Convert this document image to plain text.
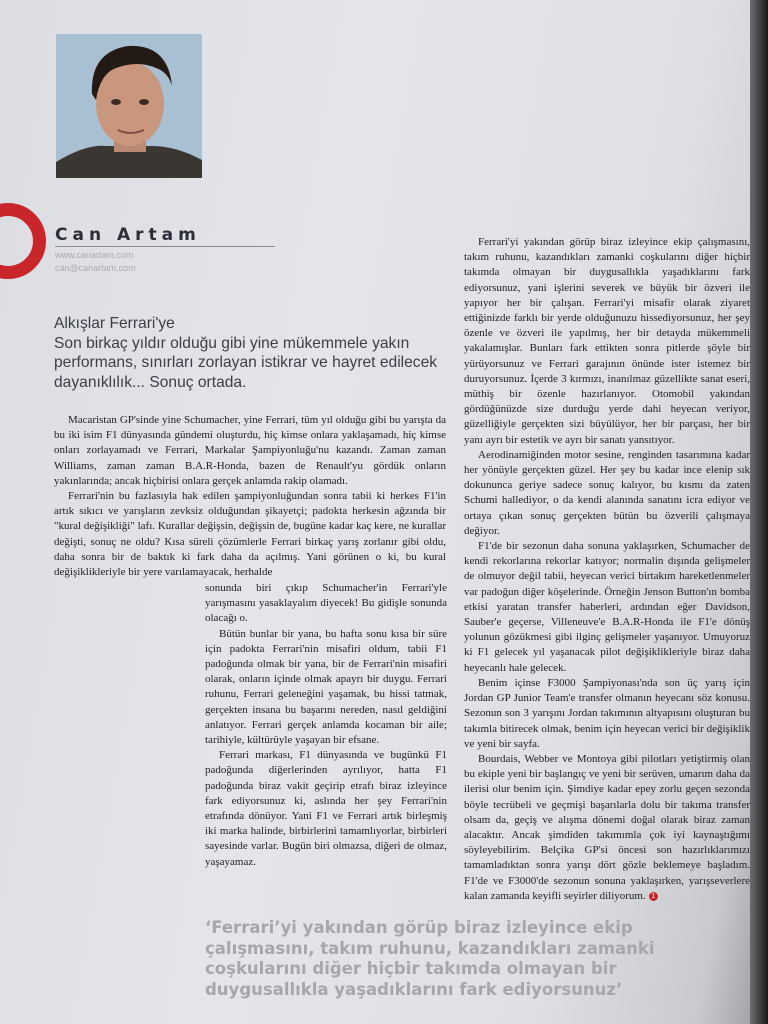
Can Artam
www.canartam.com
can@canartam.com
Alkışlar Ferrari'ye
Son birkaç yıldır olduğu gibi yine mükemmele yakın performans, sınırları zorlayan istikrar ve hayret edilecek dayanıklılık... Sonuç ortada.

Macaristan GP'sinde yine Schumacher, yine Ferrari, tüm yıl olduğu gibi bu yarışta da bu iki isim F1 dünyasında gündemi oluşturdu, hiç kimse onlara yaklaşamadı, hiç kimse onları zorlayamadı ve Ferrari, Markalar Şampiyonluğu'nu kazandı. Zaman zaman Williams, zaman zaman B.A.R-Honda, bazen de Renault'yu gördük onların yakınlarında; ancak hiçbirisi onlara gerçek anlamda rakip olamadı.

Ferrari'nin bu fazlasıyla hak edilen şampiyonluğundan sonra tabii ki herkes F1'in artık sıkıcı ve yarışların zevksiz olduğundan şikayetçi; padokta herkesin ağzında bir "kural değişikliği" lafı. Kurallar değişsin, değişsin de, bugüne kadar kaç kere, ne kurallar değişti, sonuç ne oldu? Kısa süreli çözümlerle Ferrari birkaç yarış zorlanır gibi oldu, daha sonra bir de baktık ki fark daha da açılmış. Yani görünen o ki, bu kural değişiklikleriyle bir yere varılamayacak, herhalde

sonunda biri çıkıp Schumacher'in Ferrari'yle yarışmasını yasaklayalım diyecek! Bu gidişle sonunda olacağı o.

Bütün bunlar bir yana, bu hafta sonu kısa bir süre için padokta Ferrari'nin misafiri oldum, tabii F1 padoğunda olmak bir yana, bir de Ferrari'nin misafiri olarak, onların içinde olmak apayrı bir duygu. Ferrari ruhunu, Ferrari geleneğini yaşamak, bu hissi tatmak, gerçekten insana bu başarını nereden, nasıl geldiğini anlatıyor. Ferrari gerçek anlamda kocaman bir aile; tarihiyle, kültürüyle yaşayan bir efsane.

Ferrari markası, F1 dünyasında ve bugünkü F1 padoğunda diğerlerinden ayrılıyor, hatta F1 padoğunda biraz vakit geçirip etrafı biraz izleyince fark ediyorsunuz ki, aslında her şey Ferrari'nin etrafında dönüyor. Yani F1 ve Ferrari artık birleşmiş iki marka halinde, birbirlerini tamamlıyorlar, birbirleri sayesinde varlar. Bugün biri olmazsa, diğeri de olmaz, yaşayamaz.

Ferrari'yi yakından görüp biraz izleyince ekip çalışmasını, takım ruhunu, kazandıkları zamanki coşkularını diğer hiçbir takımda olmayan bir duygusallıkla yaşadıklarını fark ediyorsunuz, yani işlerini severek ve büyük bir özveri ile yapıyor her bir çalışan. Ferrari'yi misafir olarak ziyaret ettiğinizde farklı bir yerde olduğunuzu hissediyorsunuz, her şey özenle ve özveri ile yapılmış, her bir detayda mükemmeli yakalamışlar. Bunları fark ettikten sonra pitlerde şöyle bir yürüyorsunuz ve Ferrari garajının önünde ister istemez bir duruyorsunuz. İçerde 3 kırmızı, inanılmaz güzellikte sanat eseri, müthiş bir özenle hazırlanıyor. Otomobil yakından gördüğünüzde size durduğu yerde dahi heyecan veriyor, güzelliğiyle gerçekten sizi büyülüyor, her bir parçası, her bir yanı ayrı bir estetik ve ayrı bir sanatı yansıtıyor.

Aerodinamiğinden motor sesine, renginden tasarımına kadar her yönüyle gerçekten güzel. Her şey bu kadar ince elenip sık dokununca geriye sadece sonuç kalıyor, bu kısmı da zaten Schumi hallediyor, o da kendi alanında sanatını icra ediyor ve ortaya çıkan sonuç gerçekten bütün bu özverili çalışmaya değiyor.

F1'de bir sezonun daha sonuna yaklaşırken, Schumacher de kendi rekorlarına rekorlar katıyor; normalin dışında gelişmeler de olmuyor değil tabii, heyecan verici birtakım hareketlenmeler var padoğun diğer köşelerinde. Örneğin Jenson Button'ın bomba etkisi yaratan transfer haberleri, ardından eğer Davidson, Sauber'e geçerse, Villeneuve'e B.A.R-Honda ile F1'e dönüş yolunun gözükmesi gibi ilginç gelişmeler yaşanıyor. Umuyoruz ki F1 gelecek yıl yaşanacak pilot değişiklikleriyle biraz daha heyecanlı hale gelecek.

Benim içinse F3000 Şampiyonası'nda son üç yarış için Jordan GP Junior Team'e transfer olmanın heyecanı söz konusu. Sezonun son 3 yarışını Jordan takımının altyapısını oluşturan bu takımla bitirecek olmak, benim için heyecan verici bir değişiklik ve yeni bir sayfa.

Bourdais, Webber ve Montoya gibi pilotları yetiştirmiş olan bu ekiple yeni bir başlangıç ve yeni bir serüven, umarım daha da ilerisi olur benim için. Şimdiye kadar epey zorlu geçen sezonda böyle tecrübeli ve geçmişi başarılarla dolu bir takıma transfer olsam da, geçiş ve alışma dönemi doğal olarak biraz zaman alacaktır. Ancak şimdiden takımımla çok iyi kaynaştığımı söyleyebilirim. Belçika GP'si öncesi son hazırlıklarımızı tamamladıktan sonra yarışı dört gözle beklemeye başladım. F1'de ve F3000'de sezonun sonuna yaklaşırken, yarışseverlere kalan zamanda keyifli seyirler diliyorum. 1

‘Ferrari’yi yakından görüp biraz izleyince ekip çalışmasını, takım ruhunu, kazandıkları zamanki coşkularını diğer hiçbir takımda olmayan bir duygusallıkla yaşadıklarını fark ediyorsunuz’
